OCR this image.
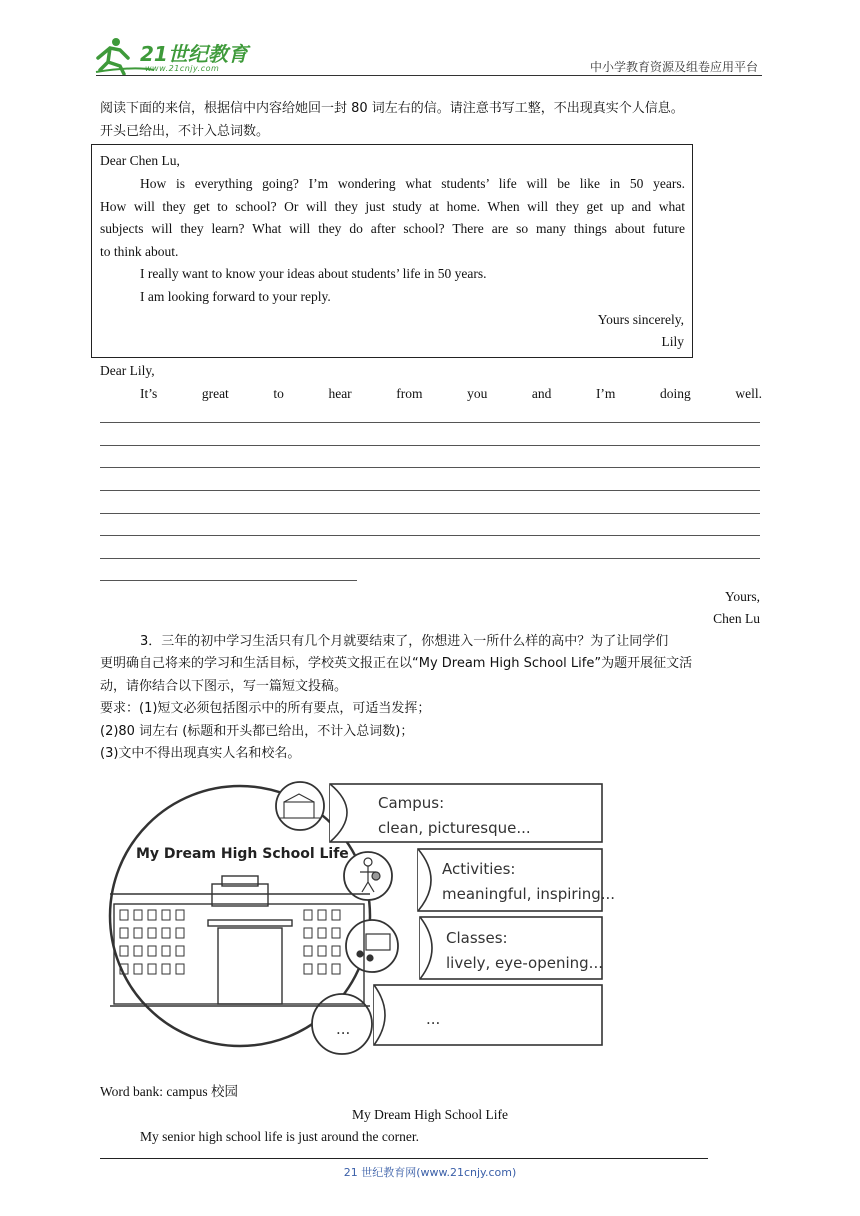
21世纪教育
www.21cnjy.com	中小学教育资源及组卷应用平台
阅读下面的来信，根据信中内容给她回一封 80 词左右的信。请注意书写工整，不出现真实个人信息。
开头已给出，不计入总词数。
Dear Chen Lu,
How is everything going? I’m wondering what students’ life will be like in 50 years.
How will they get to school? Or will they just study at home. When will they get up and what
subjects will they learn? What will they do after school? There are so many things about future
to think about.
I really want to know your ideas about students’ life in 50 years.
I am looking forward to your reply.
Yours sincerely,
Lily
Dear Lily,
It’s	great	to	hear	from	you	and	I’m	doing	well.
Yours,
Chen Lu
3．三年的初中学习生活只有几个月就要结束了，你想进入一所什么样的高中？为了让同学们
更明确自己将来的学习和生活目标，学校英文报正在以“My Dream High School Life”为题开展征文活
动，请你结合以下图示，写一篇短文投稿。
要求：(1)短文必须包括图示中的所有要点，可适当发挥；
(2)80 词左右 (标题和开头都已给出，不计入总词数)；
(3)文中不得出现真实人名和校名。
My Dream High School Life
Campus:
clean, picturesque...
Activities:
meaningful, inspiring...
Classes:
lively, eye-opening...
...
...
Word bank: campus 校园
My Dream High School Life
My senior high school life is just around the corner.
21 世纪教育网(www.21cnjy.com)
